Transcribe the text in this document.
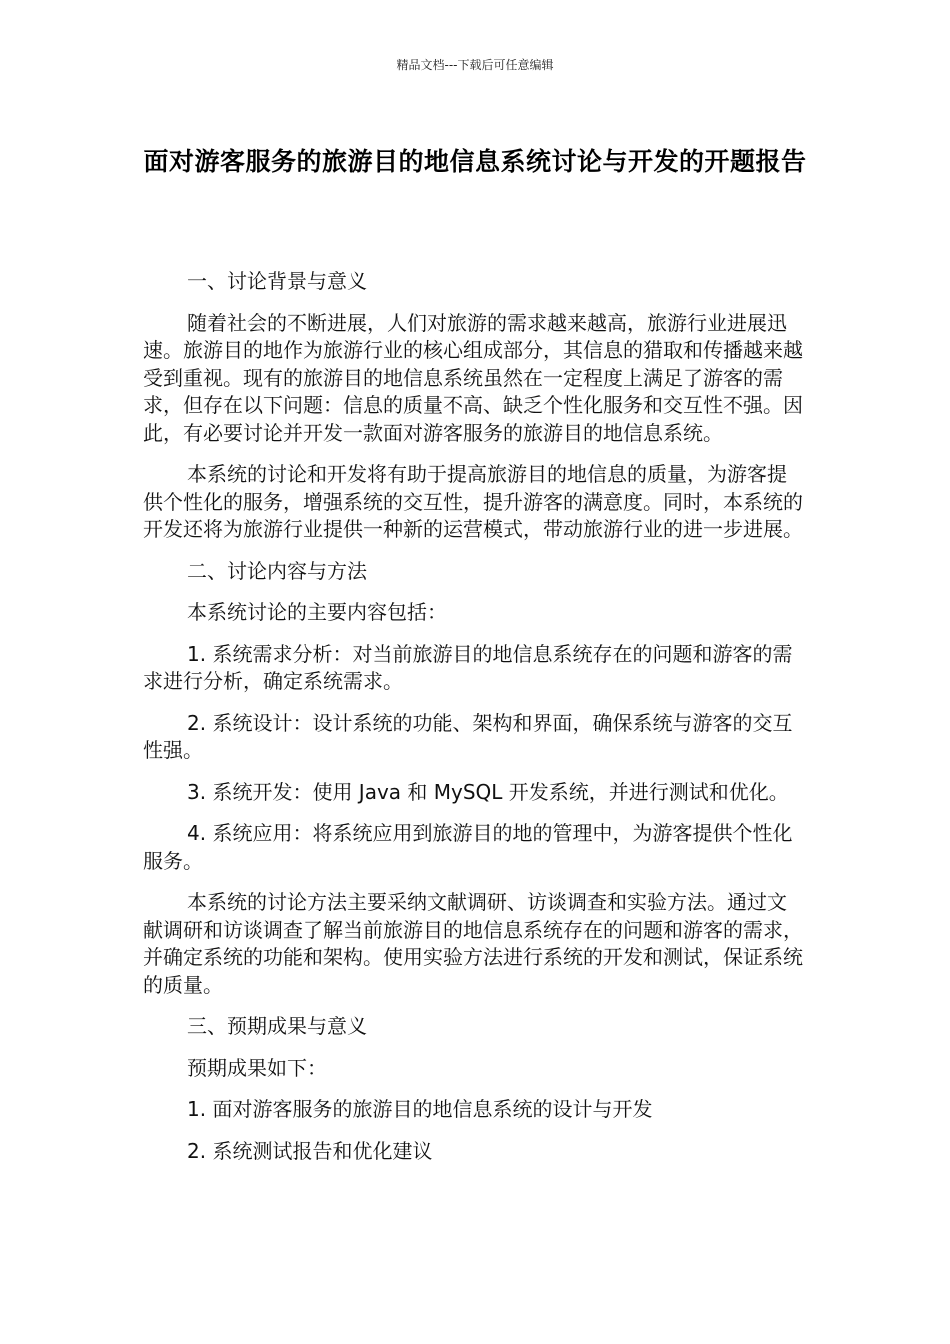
精品文档---下载后可任意编辑
面对游客服务的旅游目的地信息系统讨论与开发的开题报告

一、讨论背景与意义

随着社会的不断进展，人们对旅游的需求越来越高，旅游行业进展迅速。旅游目的地作为旅游行业的核心组成部分，其信息的猎取和传播越来越受到重视。现有的旅游目的地信息系统虽然在一定程度上满足了游客的需求，但存在以下问题：信息的质量不高、缺乏个性化服务和交互性不强。因此，有必要讨论并开发一款面对游客服务的旅游目的地信息系统。

本系统的讨论和开发将有助于提高旅游目的地信息的质量，为游客提供个性化的服务，增强系统的交互性，提升游客的满意度。同时，本系统的开发还将为旅游行业提供一种新的运营模式，带动旅游行业的进一步进展。

二、讨论内容与方法

本系统讨论的主要内容包括：

1. 系统需求分析：对当前旅游目的地信息系统存在的问题和游客的需求进行分析，确定系统需求。

2. 系统设计：设计系统的功能、架构和界面，确保系统与游客的交互性强。

3. 系统开发：使用 Java 和 MySQL 开发系统，并进行测试和优化。

4. 系统应用：将系统应用到旅游目的地的管理中，为游客提供个性化服务。

本系统的讨论方法主要采纳文献调研、访谈调查和实验方法。通过文献调研和访谈调查了解当前旅游目的地信息系统存在的问题和游客的需求，并确定系统的功能和架构。使用实验方法进行系统的开发和测试，保证系统的质量。

三、预期成果与意义

预期成果如下：

1. 面对游客服务的旅游目的地信息系统的设计与开发

2. 系统测试报告和优化建议
